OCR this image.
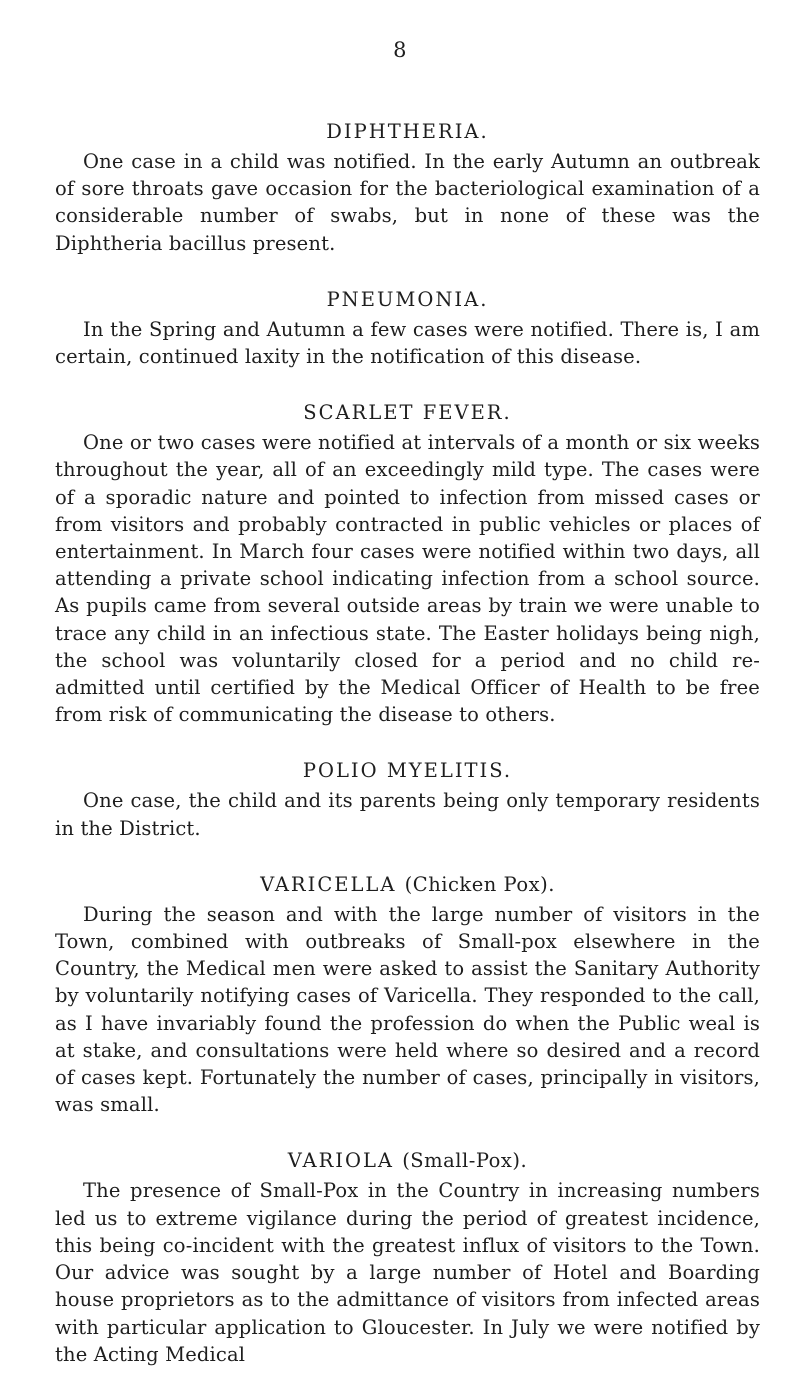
8
DIPHTHERIA.

One case in a child was notified. In the early Autumn an outbreak of sore throats gave occasion for the bacteriological examination of a considerable number of swabs, but in none of these was the Diphtheria bacillus present.

PNEUMONIA.

In the Spring and Autumn a few cases were notified. There is, I am certain, continued laxity in the notification of this disease.

SCARLET FEVER.

One or two cases were notified at intervals of a month or six weeks throughout the year, all of an exceedingly mild type. The cases were of a sporadic nature and pointed to infection from missed cases or from visitors and probably contracted in public vehicles or places of entertainment. In March four cases were notified within two days, all attending a private school indicating infection from a school source. As pupils came from several outside areas by train we were unable to trace any child in an infectious state. The Easter holidays being nigh, the school was voluntarily closed for a period and no child re-admitted until certified by the Medical Officer of Health to be free from risk of communicating the disease to others.

POLIO MYELITIS.

One case, the child and its parents being only temporary residents in the District.

VARICELLA (Chicken Pox).

During the season and with the large number of visitors in the Town, combined with outbreaks of Small-pox elsewhere in the Country, the Medical men were asked to assist the Sanitary Authority by voluntarily notifying cases of Varicella. They responded to the call, as I have invariably found the profession do when the Public weal is at stake, and consultations were held where so desired and a record of cases kept. Fortunately the number of cases, principally in visitors, was small.

VARIOLA (Small-Pox).

The presence of Small-Pox in the Country in increasing numbers led us to extreme vigilance during the period of greatest incidence, this being co-incident with the greatest influx of visitors to the Town. Our advice was sought by a large number of Hotel and Boarding house proprietors as to the admittance of visitors from infected areas with particular application to Gloucester. In July we were notified by the Acting Medical
